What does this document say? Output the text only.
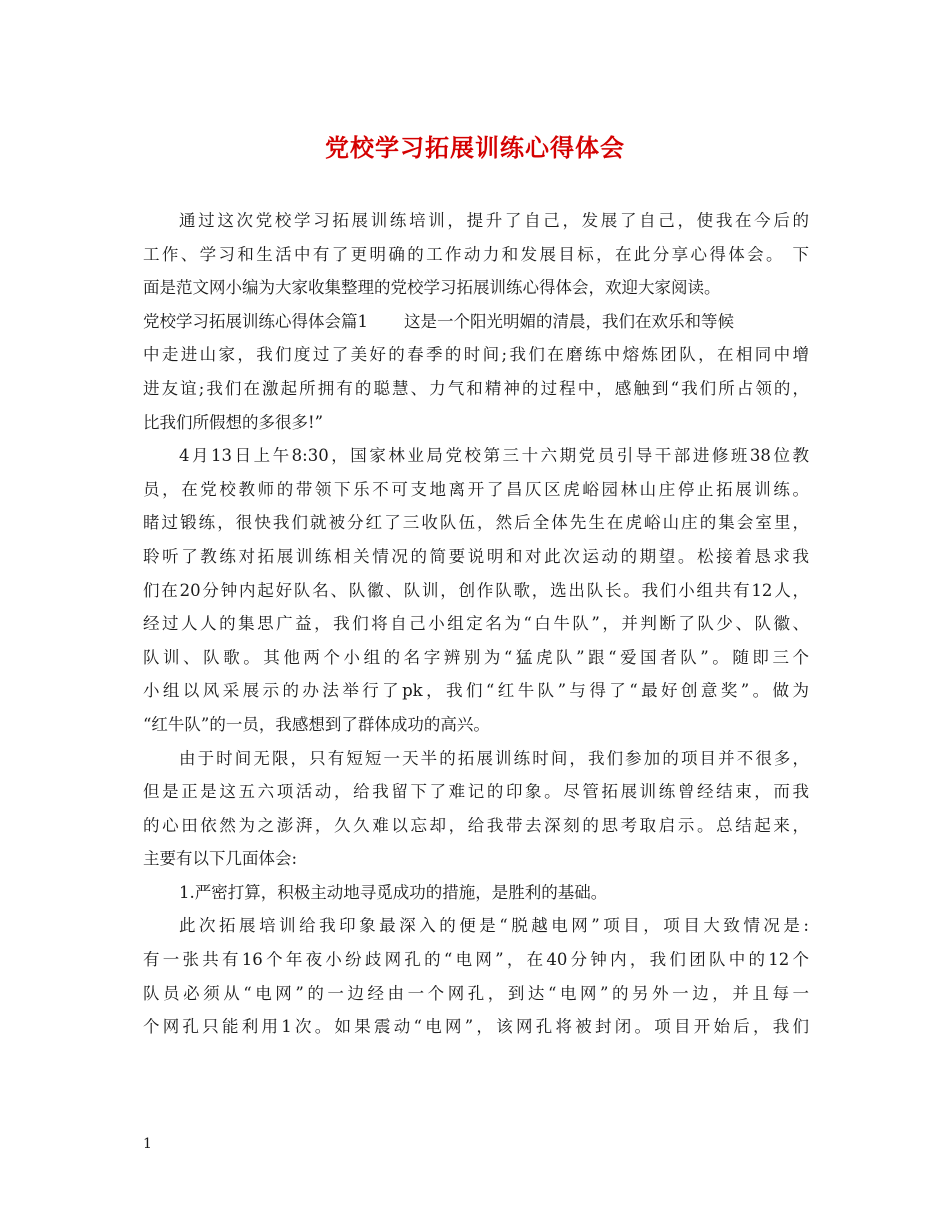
党校学习拓展训练心得体会
通过这次党校学习拓展训练培训，提升了自己，发展了自己，使我在今后的
工作、学习和生活中有了更明确的工作动力和发展目标，在此分享心得体会。 下
面是范文网小编为大家收集整理的党校学习拓展训练心得体会，欢迎大家阅读。
党校学习拓展训练心得体会篇1 这是一个阳光明媚的清晨，我们在欢乐和等候
中走进山家，我们度过了美好的春季的时间;我们在磨练中熔炼团队，在相同中增
进友谊;我们在激起所拥有的聪慧、力气和精神的过程中，感触到“我们所占领的，
比我们所假想的多很多!”
4月13日上午8:30，国家林业局党校第三十六期党员引导干部进修班38位教
员，在党校教师的带领下乐不可支地离开了昌仄区虎峪园林山庄停止拓展训练。
睹过锻练，很快我们就被分红了三收队伍，然后全体先生在虎峪山庄的集会室里，
聆听了教练对拓展训练相关情况的简要说明和对此次运动的期望。松接着恳求我
们在20分钟内起好队名、队徽、队训，创作队歌，选出队长。我们小组共有12人，
经过人人的集思广益，我们将自己小组定名为“白牛队”，并判断了队少、队徽、
队训、队歌。其他两个小组的名字辨别为“猛虎队”跟“爱国者队”。随即三个
小组以风采展示的办法举行了pk，我们“红牛队”与得了“最好创意奖”。做为
“红牛队”的一员，我感想到了群体成功的高兴。
由于时间无限，只有短短一天半的拓展训练时间，我们参加的项目并不很多，
但是正是这五六项活动，给我留下了难记的印象。尽管拓展训练曾经结束，而我
的心田依然为之澎湃，久久难以忘却，给我带去深刻的思考取启示。总结起来，
主要有以下几面体会:
1.严密打算，积极主动地寻觅成功的措施，是胜利的基础。
此次拓展培训给我印象最深入的便是“脱越电网”项目，项目大致情况是:
有一张共有16个年夜小纷歧网孔的“电网”，在40分钟内，我们团队中的12个
队员必须从“电网”的一边经由一个网孔，到达“电网”的另外一边，并且每一
个网孔只能利用1次。如果震动“电网”，该网孔将被封闭。项目开始后，我们
1
